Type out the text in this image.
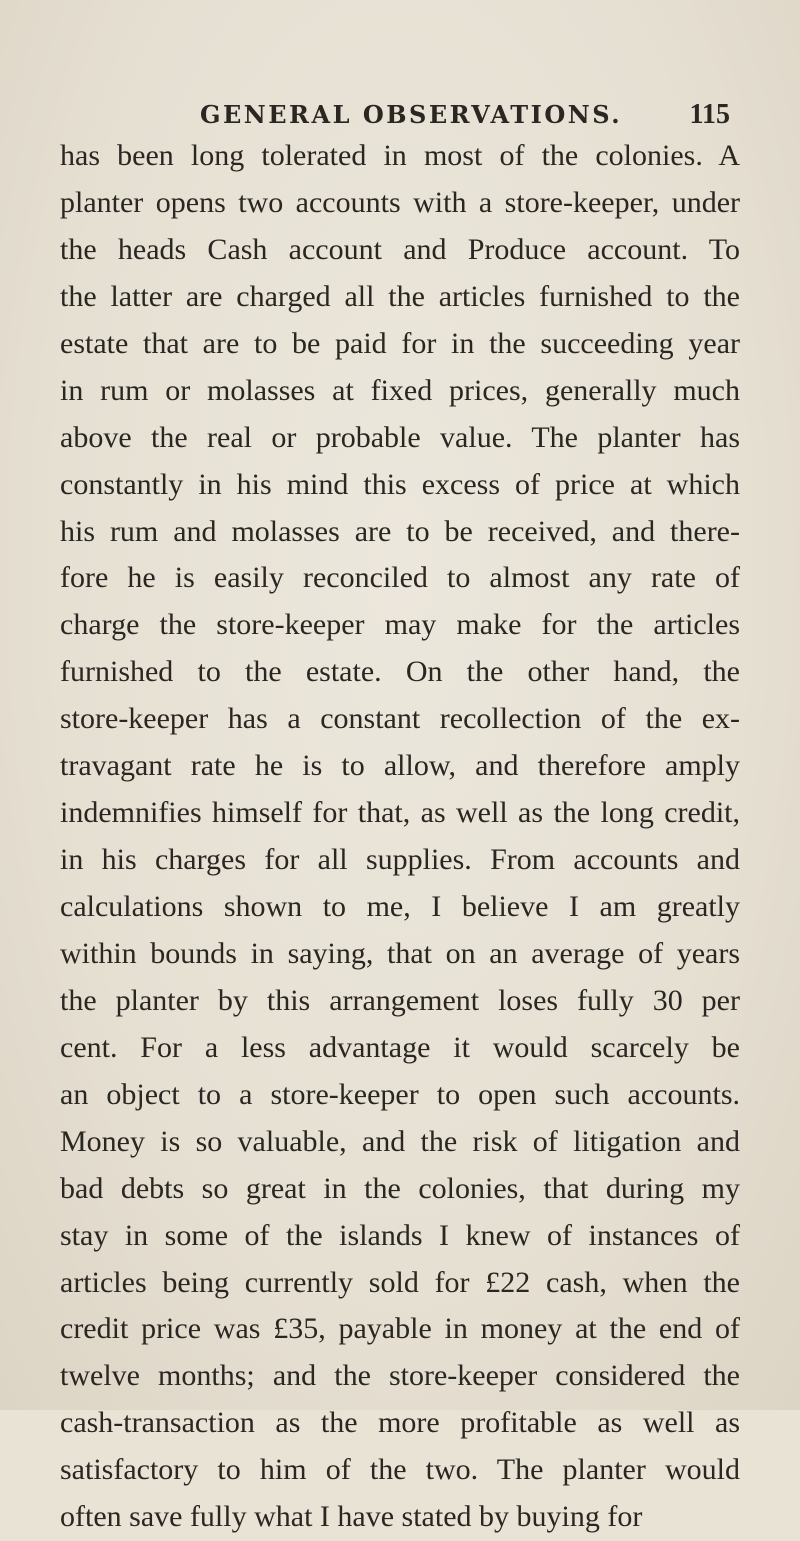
GENERAL OBSERVATIONS. 115
has been long tolerated in most of the colonies. A
planter opens two accounts with a store-keeper, under
the heads Cash account and Produce account. To
the latter are charged all the articles furnished to the
estate that are to be paid for in the succeeding year
in rum or molasses at fixed prices, generally much
above the real or probable value. The planter has
constantly in his mind this excess of price at which
his rum and molasses are to be received, and there-
fore he is easily reconciled to almost any rate of
charge the store-keeper may make for the articles
furnished to the estate. On the other hand, the
store-keeper has a constant recollection of the ex-
travagant rate he is to allow, and therefore amply
indemnifies himself for that, as well as the long credit,
in his charges for all supplies. From accounts and
calculations shown to me, I believe I am greatly
within bounds in saying, that on an average of years
the planter by this arrangement loses fully 30 per
cent. For a less advantage it would scarcely be
an object to a store-keeper to open such accounts.
Money is so valuable, and the risk of litigation and
bad debts so great in the colonies, that during my
stay in some of the islands I knew of instances of
articles being currently sold for £22 cash, when the
credit price was £35, payable in money at the end of
twelve months; and the store-keeper considered the
cash-transaction as the more profitable as well as
satisfactory to him of the two. The planter would
often save fully what I have stated by buying for
